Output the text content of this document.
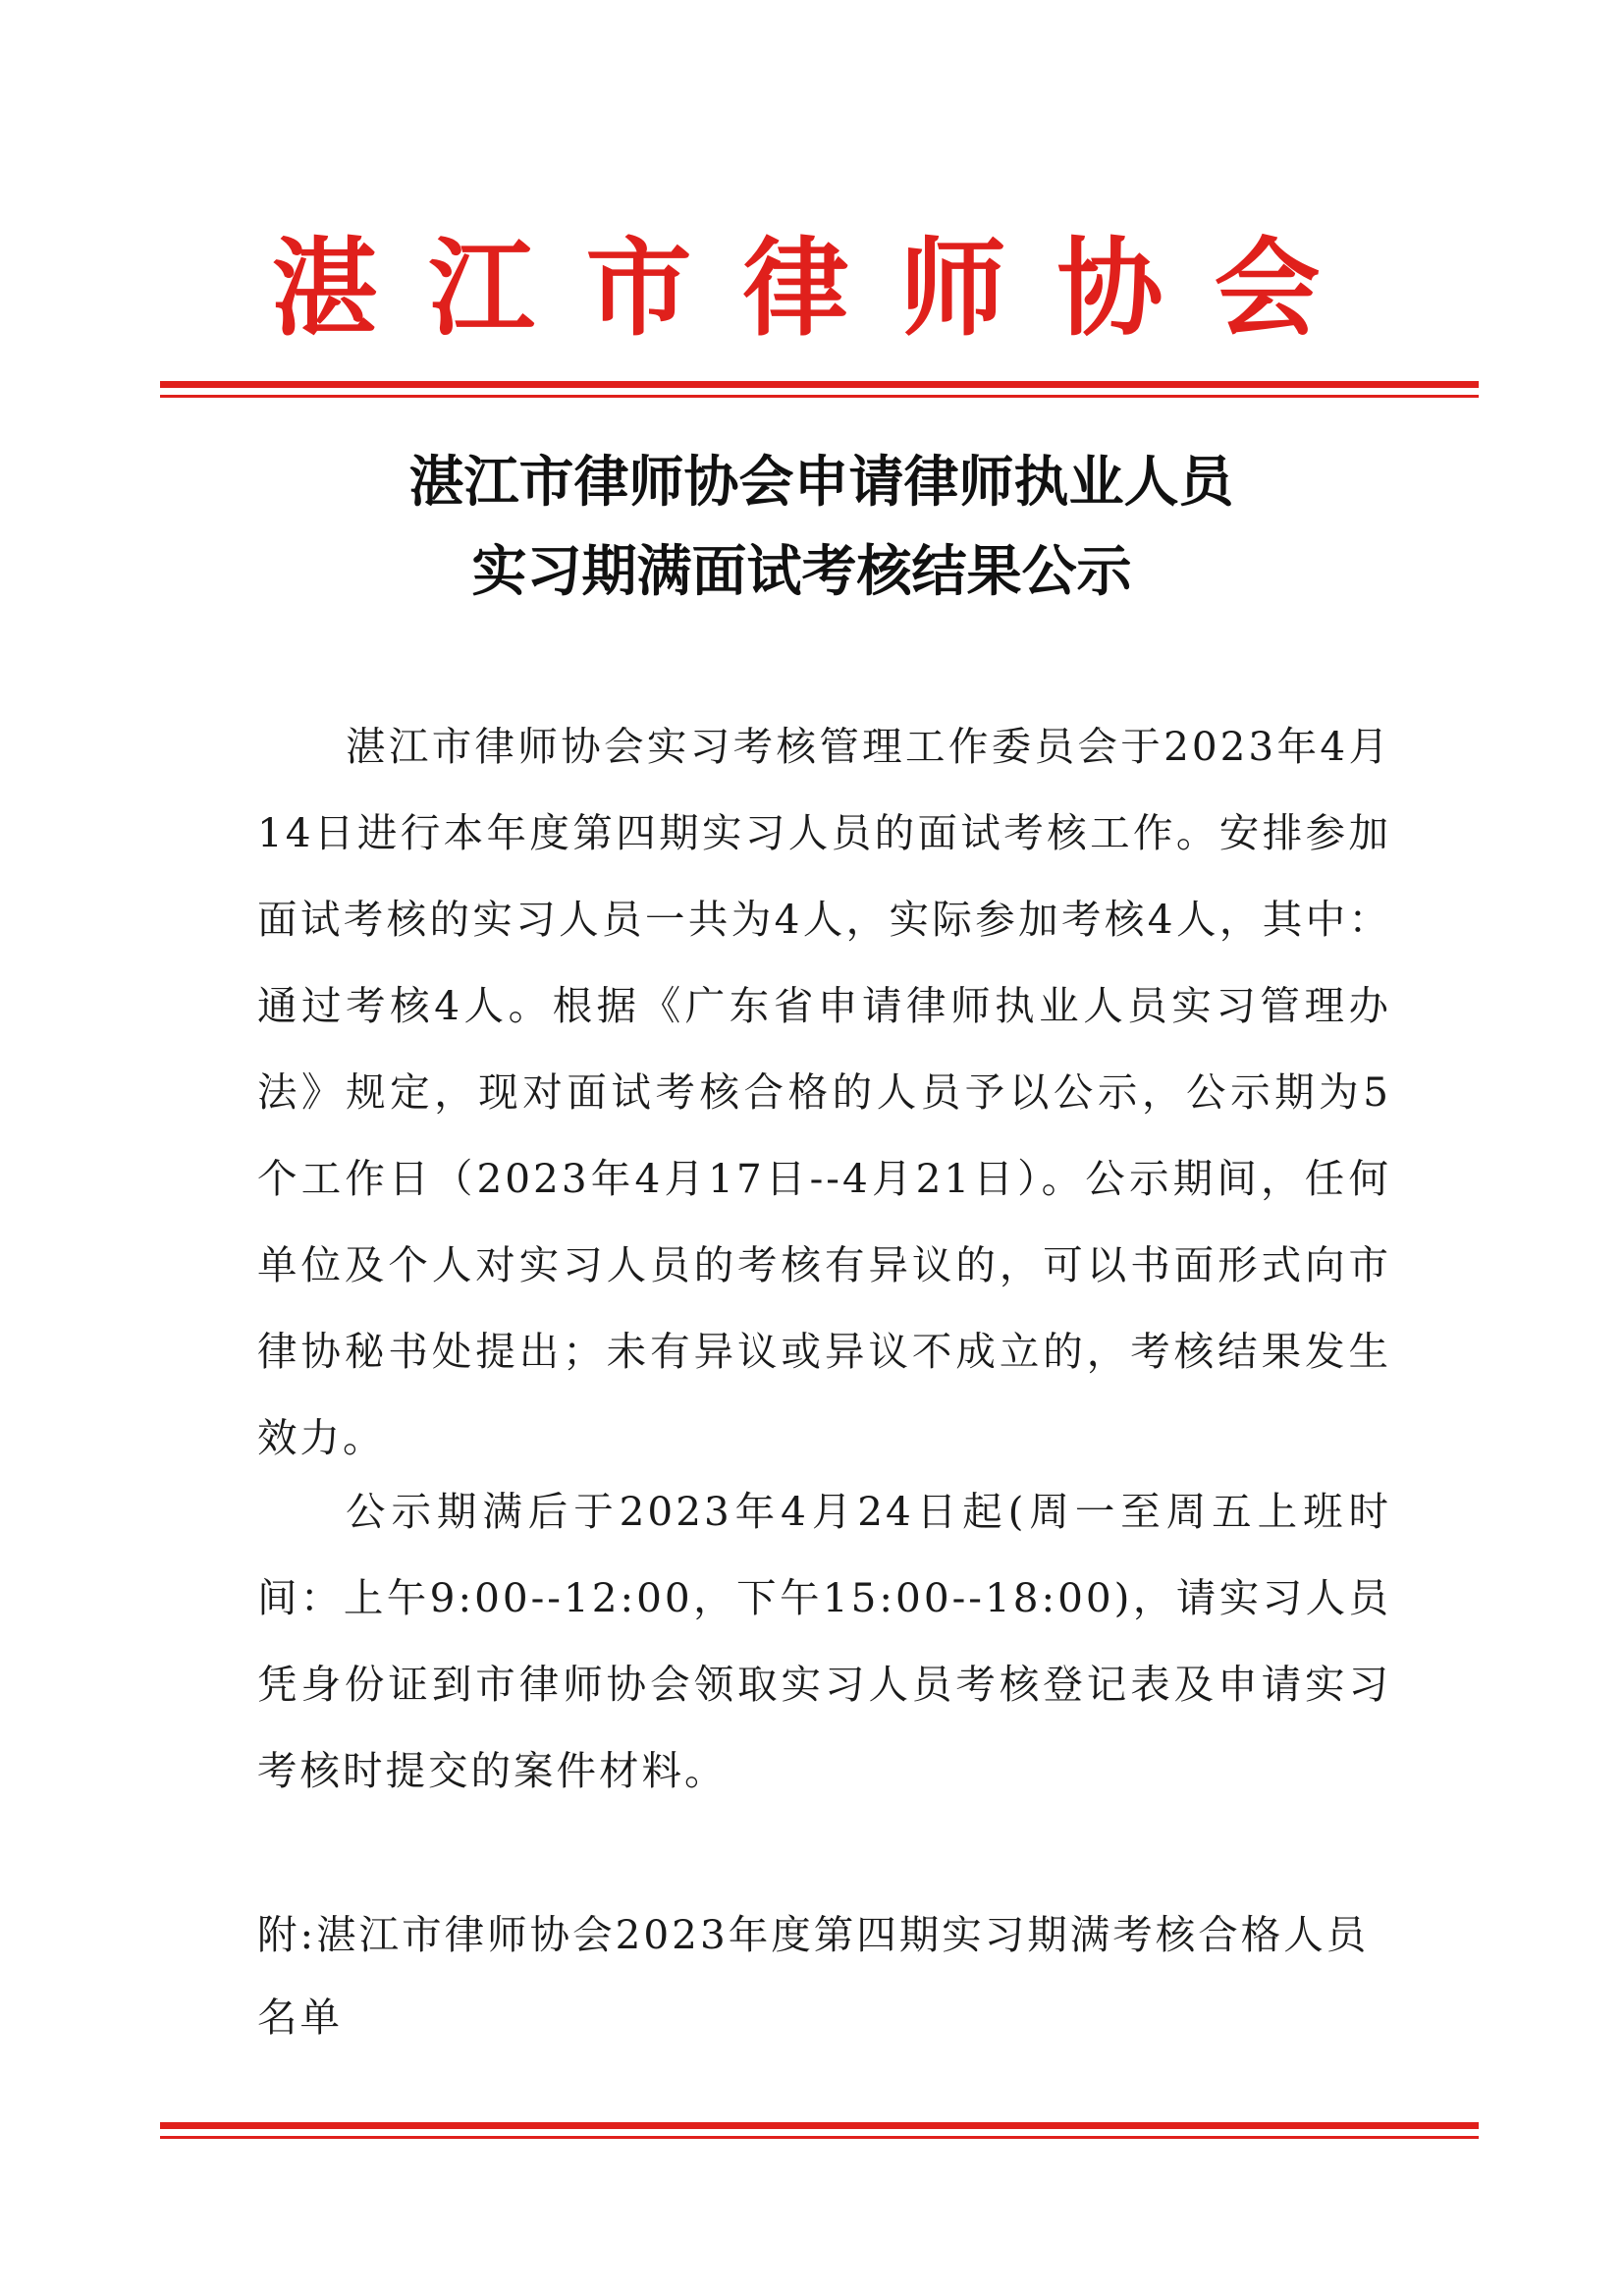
湛江市律师协会
湛江市律师协会申请律师执业人员
实习期满面试考核结果公示

湛江市律师协会实习考核管理工作委员会于2023年4月14日进行本年度第四期实习人员的面试考核工作。安排参加面试考核的实习人员一共为4人，实际参加考核4人，其中：通过考核4人。根据《广东省申请律师执业人员实习管理办法》规定，现对面试考核合格的人员予以公示，公示期为5个工作日（2023年4月17日--4月21日）。公示期间，任何单位及个人对实习人员的考核有异议的，可以书面形式向市律协秘书处提出；未有异议或异议不成立的，考核结果发生效力。

公示期满后于2023年4月24日起(周一至周五上班时间：上午9:00--12:00，下午15:00--18:00)，请实习人员凭身份证到市律师协会领取实习人员考核登记表及申请实习考核时提交的案件材料。

附:湛江市律师协会2023年度第四期实习期满考核合格人员名单
